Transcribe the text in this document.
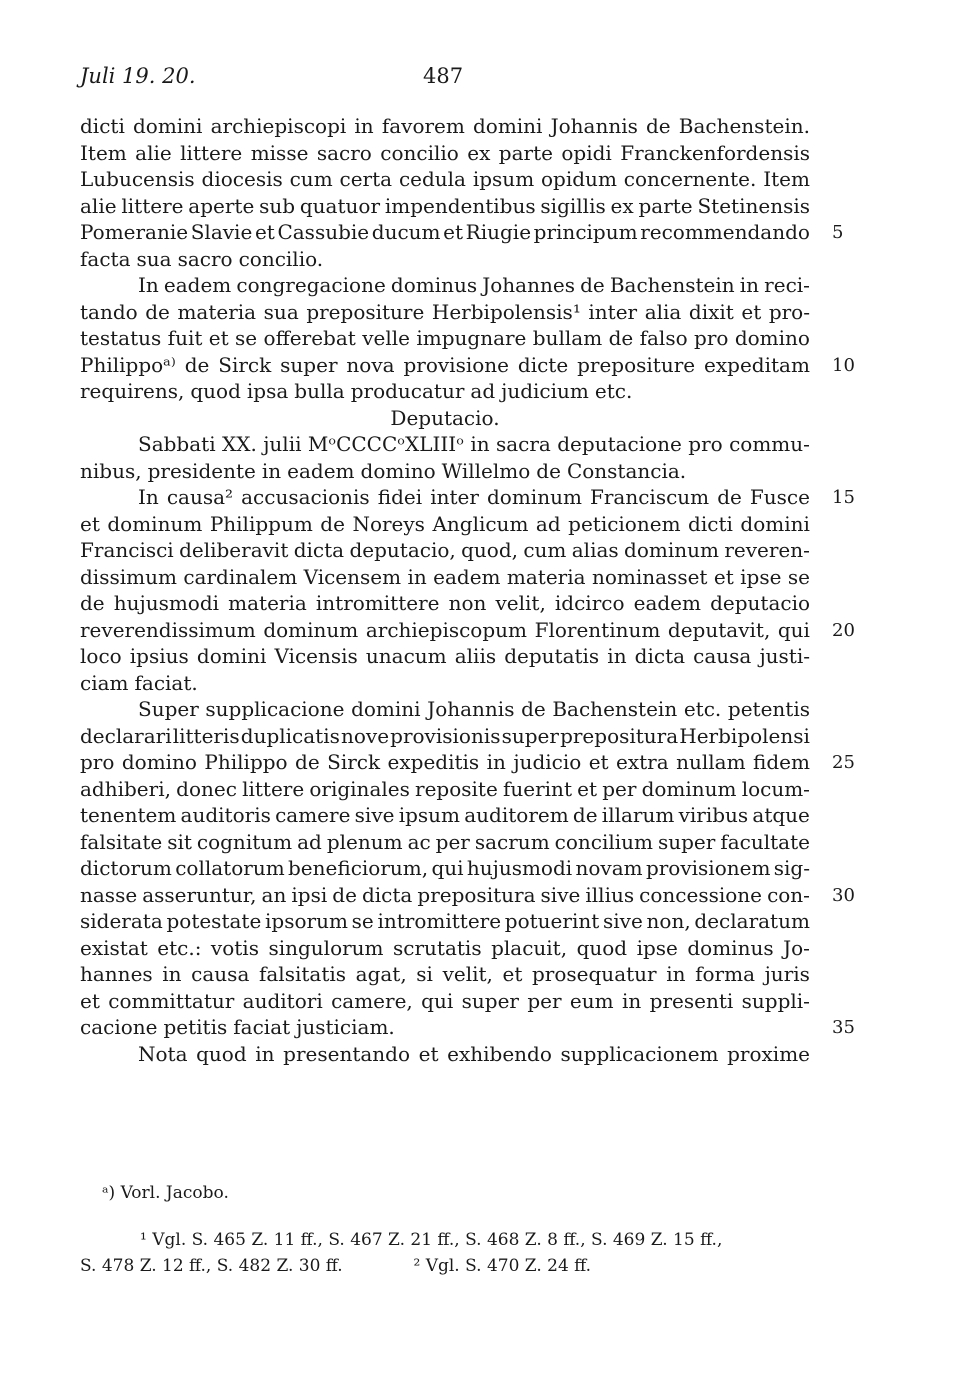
Juli 19. 20.	487
dicti domini archiepiscopi in favorem domini Johannis de Bachenstein.
Item alie littere misse sacro concilio ex parte opidi Franckenfordensis
Lubucensis diocesis cum certa cedula ipsum opidum concernente. Item
alie littere aperte sub quatuor impendentibus sigillis ex parte Stetinensis
Pomeranie Slavie et Cassubie ducum et Riugie principum recommendando
facta sua sacro concilio.
In eadem congregacione dominus Johannes de Bachenstein in reci-
tando de materia sua prepositure Herbipolensis¹ inter alia dixit et pro-
testatus fuit et se offerebat velle impugnare bullam de falso pro domino
Philippoᵃ⁾ de Sirck super nova provisione dicte prepositure expeditam
requirens, quod ipsa bulla producatur ad judicium etc.
Deputacio.
Sabbati XX. julii MᵒCCCCᵒXLIIIᵒ in sacra deputacione pro commu-
nibus, presidente in eadem domino Willelmo de Constancia.
In causa² accusacionis fidei inter dominum Franciscum de Fusce
et dominum Philippum de Noreys Anglicum ad peticionem dicti domini
Francisci deliberavit dicta deputacio, quod, cum alias dominum reveren-
dissimum cardinalem Vicensem in eadem materia nominasset et ipse se
de hujusmodi materia intromittere non velit, idcirco eadem deputacio
reverendissimum dominum archiepiscopum Florentinum deputavit, qui
loco ipsius domini Vicensis unacum aliis deputatis in dicta causa justi-
ciam faciat.
Super supplicacione domini Johannis de Bachenstein etc. petentis
declarari litteris duplicatis nove provisionis super prepositura Herbipolensi
pro domino Philippo de Sirck expeditis in judicio et extra nullam fidem
adhiberi, donec littere originales reposite fuerint et per dominum locum-
tenentem auditoris camere sive ipsum auditorem de illarum viribus atque
falsitate sit cognitum ad plenum ac per sacrum concilium super facultate
dictorum collatorum beneficiorum, qui hujusmodi novam provisionem sig-
nasse asseruntur, an ipsi de dicta prepositura sive illius concessione con-
siderata potestate ipsorum se intromittere potuerint sive non, declaratum
existat etc.: votis singulorum scrutatis placuit, quod ipse dominus Jo-
hannes in causa falsitatis agat, si velit, et prosequatur in forma juris
et committatur auditori camere, qui super per eum in presenti suppli-
cacione petitis faciat justiciam.
Nota quod in presentando et exhibendo supplicacionem proxime
5
10
15
20
25
30
35
ᵃ) Vorl. Jacobo.
¹ Vgl. S. 465 Z. 11 ff., S. 467 Z. 21 ff., S. 468 Z. 8 ff., S. 469 Z. 15 ff.,
S. 478 Z. 12 ff., S. 482 Z. 30 ff.	² Vgl. S. 470 Z. 24 ff.
